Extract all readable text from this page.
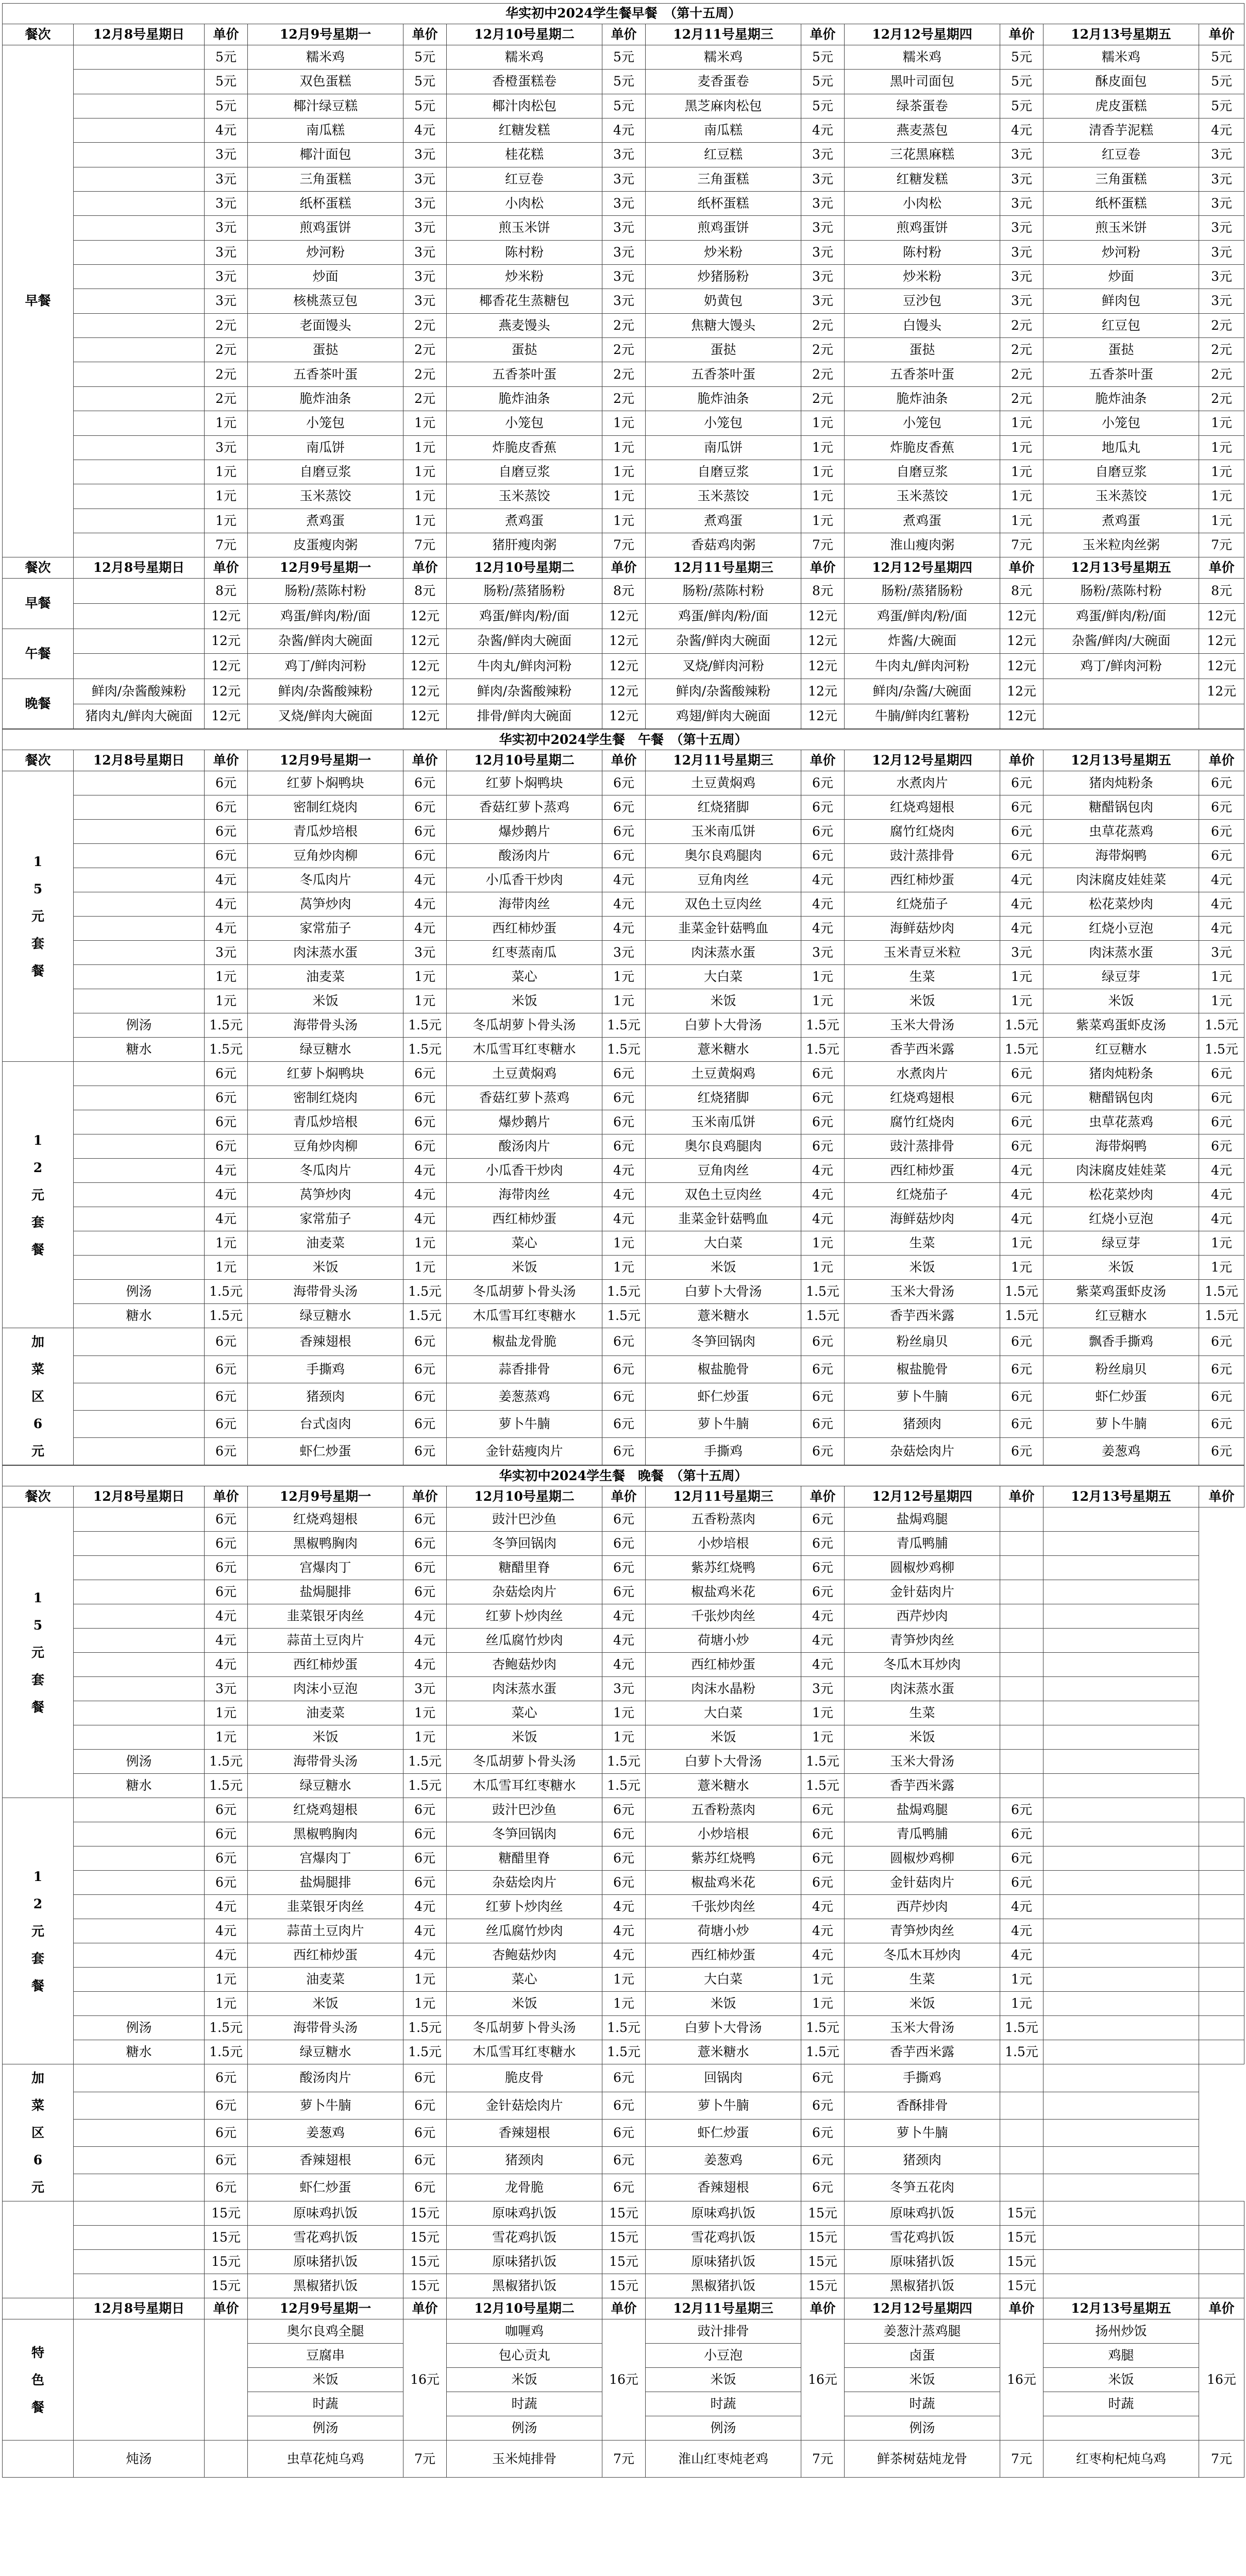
华实初中2024学生餐早餐　（第十五周）												
餐次	12月8号星期日	单价	12月9号星期一	单价	12月10号星期二	单价	12月11号星期三	单价	12月12号星期四	单价	12月13号星期五	单价
早餐		5元	糯米鸡	5元	糯米鸡	5元	糯米鸡	5元	糯米鸡	5元	糯米鸡	5元
		5元	双色蛋糕	5元	香橙蛋糕卷	5元	麦香蛋卷	5元	黑叶司面包	5元	酥皮面包	5元
		5元	椰汁绿豆糕	5元	椰汁肉松包	5元	黑芝麻肉松包	5元	绿茶蛋卷	5元	虎皮蛋糕	5元
		4元	南瓜糕	4元	红糖发糕	4元	南瓜糕	4元	燕麦蒸包	4元	清香芋泥糕	4元
		3元	椰汁面包	3元	桂花糕	3元	红豆糕	3元	三花黑麻糕	3元	红豆卷	3元
		3元	三角蛋糕	3元	红豆卷	3元	三角蛋糕	3元	红糖发糕	3元	三角蛋糕	3元
		3元	纸杯蛋糕	3元	小肉松	3元	纸杯蛋糕	3元	小肉松	3元	纸杯蛋糕	3元
		3元	煎鸡蛋饼	3元	煎玉米饼	3元	煎鸡蛋饼	3元	煎鸡蛋饼	3元	煎玉米饼	3元
		3元	炒河粉	3元	陈村粉	3元	炒米粉	3元	陈村粉	3元	炒河粉	3元
		3元	炒面	3元	炒米粉	3元	炒猪肠粉	3元	炒米粉	3元	炒面	3元
		3元	核桃蒸豆包	3元	椰香花生蒸糖包	3元	奶黄包	3元	豆沙包	3元	鲜肉包	3元
		2元	老面馒头	2元	燕麦馒头	2元	焦糖大馒头	2元	白馒头	2元	红豆包	2元
		2元	蛋挞	2元	蛋挞	2元	蛋挞	2元	蛋挞	2元	蛋挞	2元
		2元	五香茶叶蛋	2元	五香茶叶蛋	2元	五香茶叶蛋	2元	五香茶叶蛋	2元	五香茶叶蛋	2元
		2元	脆炸油条	2元	脆炸油条	2元	脆炸油条	2元	脆炸油条	2元	脆炸油条	2元
		1元	小笼包	1元	小笼包	1元	小笼包	1元	小笼包	1元	小笼包	1元
		3元	南瓜饼	1元	炸脆皮香蕉	1元	南瓜饼	1元	炸脆皮香蕉	1元	地瓜丸	1元
		1元	自磨豆浆	1元	自磨豆浆	1元	自磨豆浆	1元	自磨豆浆	1元	自磨豆浆	1元
		1元	玉米蒸饺	1元	玉米蒸饺	1元	玉米蒸饺	1元	玉米蒸饺	1元	玉米蒸饺	1元
		1元	煮鸡蛋	1元	煮鸡蛋	1元	煮鸡蛋	1元	煮鸡蛋	1元	煮鸡蛋	1元
		7元	皮蛋瘦肉粥	7元	猪肝瘦肉粥	7元	香菇鸡肉粥	7元	淮山瘦肉粥	7元	玉米粒肉丝粥	7元
餐次	12月8号星期日	单价	12月9号星期一	单价	12月10号星期二	单价	12月11号星期三	单价	12月12号星期四	单价	12月13号星期五	单价
早餐		8元	肠粉/蒸陈村粉	8元	肠粉/蒸猪肠粉	8元	肠粉/蒸陈村粉	8元	肠粉/蒸猪肠粉	8元	肠粉/蒸陈村粉	8元
		12元	鸡蛋/鲜肉/粉/面	12元	鸡蛋/鲜肉/粉/面	12元	鸡蛋/鲜肉/粉/面	12元	鸡蛋/鲜肉/粉/面	12元	鸡蛋/鲜肉/粉/面	12元
午餐		12元	杂酱/鲜肉大碗面	12元	杂酱/鲜肉大碗面	12元	杂酱/鲜肉大碗面	12元	炸酱/大碗面	12元	杂酱/鲜肉/大碗面	12元
		12元	鸡丁/鲜肉河粉	12元	牛肉丸/鲜肉河粉	12元	叉烧/鲜肉河粉	12元	牛肉丸/鲜肉河粉	12元	鸡丁/鲜肉河粉	12元
晚餐	鲜肉/杂酱酸辣粉	12元	鲜肉/杂酱酸辣粉	12元	鲜肉/杂酱酸辣粉	12元	鲜肉/杂酱酸辣粉	12元	鲜肉/杂酱/大碗面	12元		12元
	猪肉丸/鲜肉大碗面	12元	叉烧/鲜肉大碗面	12元	排骨/鲜肉大碗面	12元	鸡翅/鲜肉大碗面	12元	牛腩/鲜肉红薯粉	12元		
华实初中2024学生餐　午餐　（第十五周）												
餐次	12月8号星期日	单价	12月9号星期一	单价	12月10号星期二	单价	12月11号星期三	单价	12月12号星期四	单价	12月13号星期五	单价

1
5
元
套
餐		6元	红萝卜焖鸭块	6元	红萝卜焖鸭块	6元	土豆黄焖鸡	6元	水煮肉片	6元	猪肉炖粉条	6元
		6元	密制红烧肉	6元	香菇红萝卜蒸鸡	6元	红烧猪脚	6元	红烧鸡翅根	6元	糖醋锅包肉	6元
		6元	青瓜炒培根	6元	爆炒鹅片	6元	玉米南瓜饼	6元	腐竹红烧肉	6元	虫草花蒸鸡	6元
		6元	豆角炒肉柳	6元	酸汤肉片	6元	奥尔良鸡腿肉	6元	豉汁蒸排骨	6元	海带焖鸭	6元
		4元	冬瓜肉片	4元	小瓜香干炒肉	4元	豆角肉丝	4元	西红柿炒蛋	4元	肉沫腐皮娃娃菜	4元
		4元	莴笋炒肉	4元	海带肉丝	4元	双色土豆肉丝	4元	红烧茄子	4元	松花菜炒肉	4元
		4元	家常茄子	4元	西红柿炒蛋	4元	韭菜金针菇鸭血	4元	海鲜菇炒肉	4元	红烧小豆泡	4元
		3元	肉沫蒸水蛋	3元	红枣蒸南瓜	3元	肉沫蒸水蛋	3元	玉米青豆米粒	3元	肉沫蒸水蛋	3元
		1元	油麦菜	1元	菜心	1元	大白菜	1元	生菜	1元	绿豆芽	1元
		1元	米饭	1元	米饭	1元	米饭	1元	米饭	1元	米饭	1元
	例汤	1.5元	海带骨头汤	1.5元	冬瓜胡萝卜骨头汤	1.5元	白萝卜大骨汤	1.5元	玉米大骨汤	1.5元	紫菜鸡蛋虾皮汤	1.5元
	糖水	1.5元	绿豆糖水	1.5元	木瓜雪耳红枣糖水	1.5元	薏米糖水	1.5元	香芋西米露	1.5元	红豆糖水	1.5元

1
2
元
套
餐		6元	红萝卜焖鸭块	6元	土豆黄焖鸡	6元	土豆黄焖鸡	6元	水煮肉片	6元	猪肉炖粉条	6元
		6元	密制红烧肉	6元	香菇红萝卜蒸鸡	6元	红烧猪脚	6元	红烧鸡翅根	6元	糖醋锅包肉	6元
		6元	青瓜炒培根	6元	爆炒鹅片	6元	玉米南瓜饼	6元	腐竹红烧肉	6元	虫草花蒸鸡	6元
		6元	豆角炒肉柳	6元	酸汤肉片	6元	奥尔良鸡腿肉	6元	豉汁蒸排骨	6元	海带焖鸭	6元
		4元	冬瓜肉片	4元	小瓜香干炒肉	4元	豆角肉丝	4元	西红柿炒蛋	4元	肉沫腐皮娃娃菜	4元
		4元	莴笋炒肉	4元	海带肉丝	4元	双色土豆肉丝	4元	红烧茄子	4元	松花菜炒肉	4元
		4元	家常茄子	4元	西红柿炒蛋	4元	韭菜金针菇鸭血	4元	海鲜菇炒肉	4元	红烧小豆泡	4元
		1元	油麦菜	1元	菜心	1元	大白菜	1元	生菜	1元	绿豆芽	1元
		1元	米饭	1元	米饭	1元	米饭	1元	米饭	1元	米饭	1元
	例汤	1.5元	海带骨头汤	1.5元	冬瓜胡萝卜骨头汤	1.5元	白萝卜大骨汤	1.5元	玉米大骨汤	1.5元	紫菜鸡蛋虾皮汤	1.5元
	糖水	1.5元	绿豆糖水	1.5元	木瓜雪耳红枣糖水	1.5元	薏米糖水	1.5元	香芋西米露	1.5元	红豆糖水	1.5元

加
菜
区
6
元		6元	香辣翅根	6元	椒盐龙骨脆	6元	冬笋回锅肉	6元	粉丝扇贝	6元	飘香手撕鸡	6元
		6元	手撕鸡	6元	蒜香排骨	6元	椒盐脆骨	6元	椒盐脆骨	6元	粉丝扇贝	6元
		6元	猪颈肉	6元	姜葱蒸鸡	6元	虾仁炒蛋	6元	萝卜牛腩	6元	虾仁炒蛋	6元
		6元	台式卤肉	6元	萝卜牛腩	6元	萝卜牛腩	6元	猪颈肉	6元	萝卜牛腩	6元
		6元	虾仁炒蛋	6元	金针菇瘦肉片	6元	手撕鸡	6元	杂菇烩肉片	6元	姜葱鸡	6元
华实初中2024学生餐　晚餐　（第十五周）												
餐次	12月8号星期日	单价	12月9号星期一	单价	12月10号星期二	单价	12月11号星期三	单价	12月12号星期四	单价	12月13号星期五	单价

1
5
元
套
餐		6元	红烧鸡翅根	6元	豉汁巴沙鱼	6元	五香粉蒸肉	6元	盐焗鸡腿			
		6元	黑椒鸭胸肉	6元	冬笋回锅肉	6元	小炒培根	6元	青瓜鸭脯			
		6元	宫爆肉丁	6元	糖醋里脊	6元	紫苏红烧鸭	6元	圆椒炒鸡柳			
		6元	盐焗腿排	6元	杂菇烩肉片	6元	椒盐鸡米花	6元	金针菇肉片			
		4元	韭菜银牙肉丝	4元	红萝卜炒肉丝	4元	千张炒肉丝	4元	西芹炒肉			
		4元	蒜苗土豆肉片	4元	丝瓜腐竹炒肉	4元	荷塘小炒	4元	青笋炒肉丝			
		4元	西红柿炒蛋	4元	杏鲍菇炒肉	4元	西红柿炒蛋	4元	冬瓜木耳炒肉			
		3元	肉沫小豆泡	3元	肉沫蒸水蛋	3元	肉沫水晶粉	3元	肉沫蒸水蛋			
		1元	油麦菜	1元	菜心	1元	大白菜	1元	生菜			
		1元	米饭	1元	米饭	1元	米饭	1元	米饭			
	例汤	1.5元	海带骨头汤	1.5元	冬瓜胡萝卜骨头汤	1.5元	白萝卜大骨汤	1.5元	玉米大骨汤			
	糖水	1.5元	绿豆糖水	1.5元	木瓜雪耳红枣糖水	1.5元	薏米糖水	1.5元	香芋西米露			

1
2
元
套
餐		6元	红烧鸡翅根	6元	豉汁巴沙鱼	6元	五香粉蒸肉	6元	盐焗鸡腿	6元		
		6元	黑椒鸭胸肉	6元	冬笋回锅肉	6元	小炒培根	6元	青瓜鸭脯	6元		
		6元	宫爆肉丁	6元	糖醋里脊	6元	紫苏红烧鸭	6元	圆椒炒鸡柳	6元		
		6元	盐焗腿排	6元	杂菇烩肉片	6元	椒盐鸡米花	6元	金针菇肉片	6元		
		4元	韭菜银牙肉丝	4元	红萝卜炒肉丝	4元	千张炒肉丝	4元	西芹炒肉	4元		
		4元	蒜苗土豆肉片	4元	丝瓜腐竹炒肉	4元	荷塘小炒	4元	青笋炒肉丝	4元		
		4元	西红柿炒蛋	4元	杏鲍菇炒肉	4元	西红柿炒蛋	4元	冬瓜木耳炒肉	4元		
		1元	油麦菜	1元	菜心	1元	大白菜	1元	生菜	1元		
		1元	米饭	1元	米饭	1元	米饭	1元	米饭	1元		
	例汤	1.5元	海带骨头汤	1.5元	冬瓜胡萝卜骨头汤	1.5元	白萝卜大骨汤	1.5元	玉米大骨汤	1.5元		
	糖水	1.5元	绿豆糖水	1.5元	木瓜雪耳红枣糖水	1.5元	薏米糖水	1.5元	香芋西米露	1.5元		

加
菜
区
6
元		6元	酸汤肉片	6元	脆皮骨	6元	回锅肉	6元	手撕鸡			
		6元	萝卜牛腩	6元	金针菇烩肉片	6元	萝卜牛腩	6元	香酥排骨			
		6元	姜葱鸡	6元	香辣翅根	6元	虾仁炒蛋	6元	萝卜牛腩			
		6元	香辣翅根	6元	猪颈肉	6元	姜葱鸡	6元	猪颈肉			
		6元	虾仁炒蛋	6元	龙骨脆	6元	香辣翅根	6元	冬笋五花肉			
		15元	原味鸡扒饭	15元	原味鸡扒饭	15元	原味鸡扒饭	15元	原味鸡扒饭	15元		
		15元	雪花鸡扒饭	15元	雪花鸡扒饭	15元	雪花鸡扒饭	15元	雪花鸡扒饭	15元		
		15元	原味猪扒饭	15元	原味猪扒饭	15元	原味猪扒饭	15元	原味猪扒饭	15元		
		15元	黑椒猪扒饭	15元	黑椒猪扒饭	15元	黑椒猪扒饭	15元	黑椒猪扒饭	15元		
	12月8号星期日	单价	12月9号星期一	单价	12月10号星期二	单价	12月11号星期三	单价	12月12号星期四	单价	12月13号星期五	单价

特
色
餐			奥尔良鸡全腿	16元	咖喱鸡	16元	豉汁排骨	16元	姜葱汁蒸鸡腿	16元	扬州炒饭	16元
			豆腐串		包心贡丸		小豆泡		卤蛋		鸡腿	
			米饭		米饭		米饭		米饭		米饭	
			时蔬		时蔬		时蔬		时蔬		时蔬	
			例汤		例汤		例汤		例汤			
	炖汤		虫草花炖乌鸡	7元	玉米炖排骨	7元	淮山红枣炖老鸡	7元	鲜茶树菇炖龙骨	7元	红枣枸杞炖乌鸡	7元
